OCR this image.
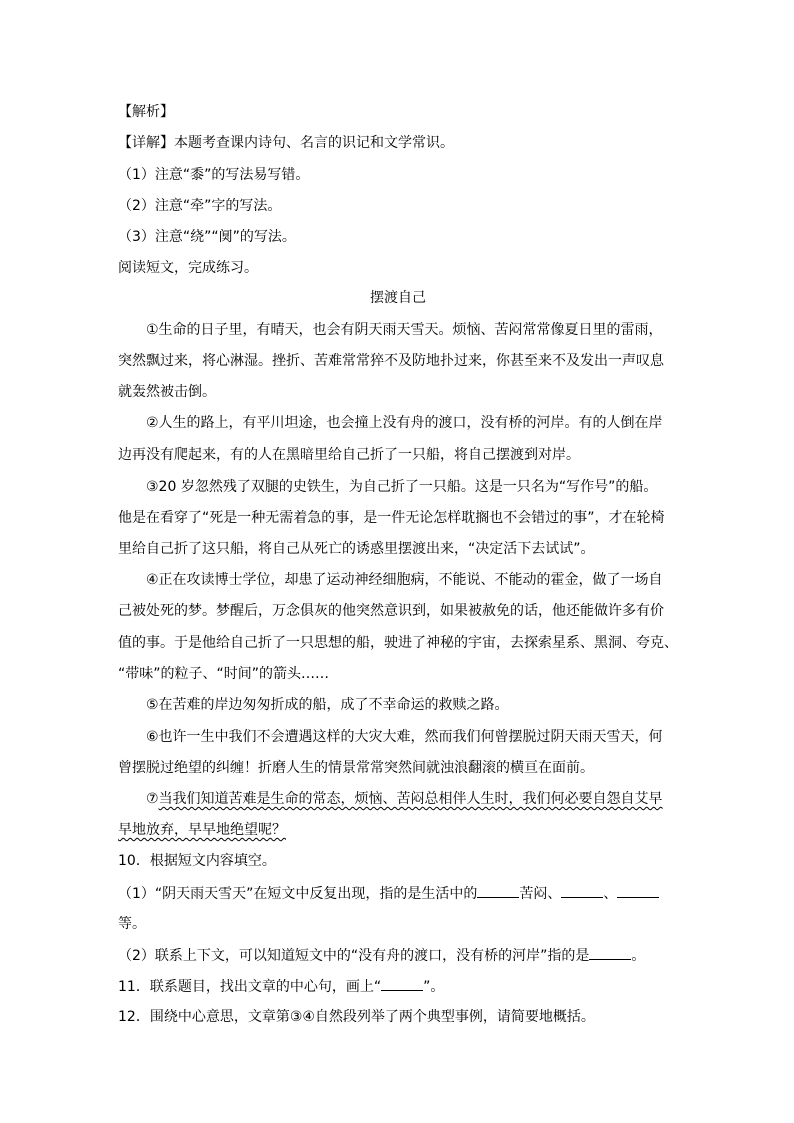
【解析】
【详解】本题考查课内诗句、名言的识记和文学常识。
（1）注意“黍”的写法易写错。
（2）注意“牵”字的写法。
（3）注意“绕”“阒”的写法。
阅读短文，完成练习。
摆渡自己
①生命的日子里，有晴天，也会有阴天雨天雪天。烦恼、苦闷常常像夏日里的雷雨，
突然飘过来，将心淋湿。挫折、苦难常常猝不及防地扑过来，你甚至来不及发出一声叹息
就轰然被击倒。
②人生的路上，有平川坦途，也会撞上没有舟的渡口，没有桥的河岸。有的人倒在岸
边再没有爬起来，有的人在黑暗里给自己折了一只船，将自己摆渡到对岸。
③20 岁忽然残了双腿的史铁生，为自己折了一只船。这是一只名为“写作号”的船。
他是在看穿了“死是一种无需着急的事，是一件无论怎样耽搁也不会错过的事”，才在轮椅
里给自己折了这只船，将自己从死亡的诱惑里摆渡出来，“决定活下去试试”。
④正在攻读博士学位，却患了运动神经细胞病，不能说、不能动的霍金，做了一场自
己被处死的梦。梦醒后，万念俱灰的他突然意识到，如果被赦免的话，他还能做许多有价
值的事。于是他给自己折了一只思想的船，驶进了神秘的宇宙，去探索星系、黑洞、夸克、
“带味”的粒子、“时间”的箭头……
⑤在苦难的岸边匆匆折成的船，成了不幸命运的救赎之路。
⑥也许一生中我们不会遭遇这样的大灾大难，然而我们何曾摆脱过阴天雨天雪天，何
曾摆脱过绝望的纠缠！折磨人生的情景常常突然间就浊浪翻滚的横亘在面前。
⑦当我们知道苦难是生命的常态，烦恼、苦闷总相伴人生时，我们何必要自怨自艾早
早地放弃，早早地绝望呢？
10．根据短文内容填空。
（1）“阴天雨天雪天”在短文中反复出现，指的是生活中的	苦闷、	、
等。
（2）联系上下文，可以知道短文中的“没有舟的渡口，没有桥的河岸”指的是	。
11．联系题目，找出文章的中心句，画上“	”。
12．围绕中心意思，文章第③④自然段列举了两个典型事例，请简要地概括。
